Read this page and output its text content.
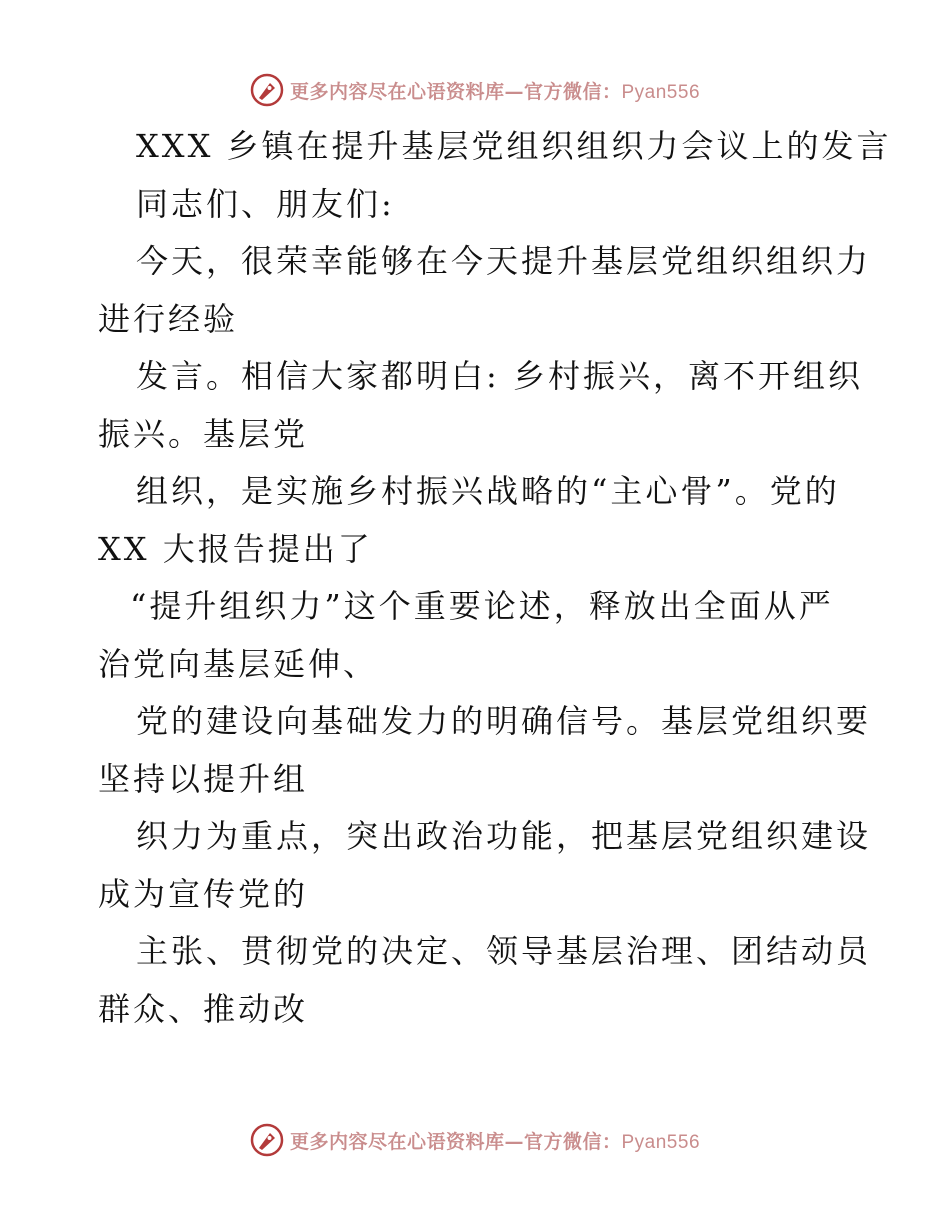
更多内容尽在心语资料库—官方微信：Pyan556
XXX 乡镇在提升基层党组织组织力会议上的发言
同志们、朋友们:
今天，很荣幸能够在今天提升基层党组织组织力
进行经验
发言。相信大家都明白: 乡村振兴，离不开组织
振兴。基层党
组织，是实施乡村振兴战略的“主心骨”。党的
XX 大报告提出了
“提升组织力”这个重要论述，释放出全面从严
治党向基层延伸、
党的建设向基础发力的明确信号。基层党组织要
坚持以提升组
织力为重点，突出政治功能，把基层党组织建设
成为宣传党的
主张、贯彻党的决定、领导基层治理、团结动员
群众、推动改
更多内容尽在心语资料库—官方微信：Pyan556
